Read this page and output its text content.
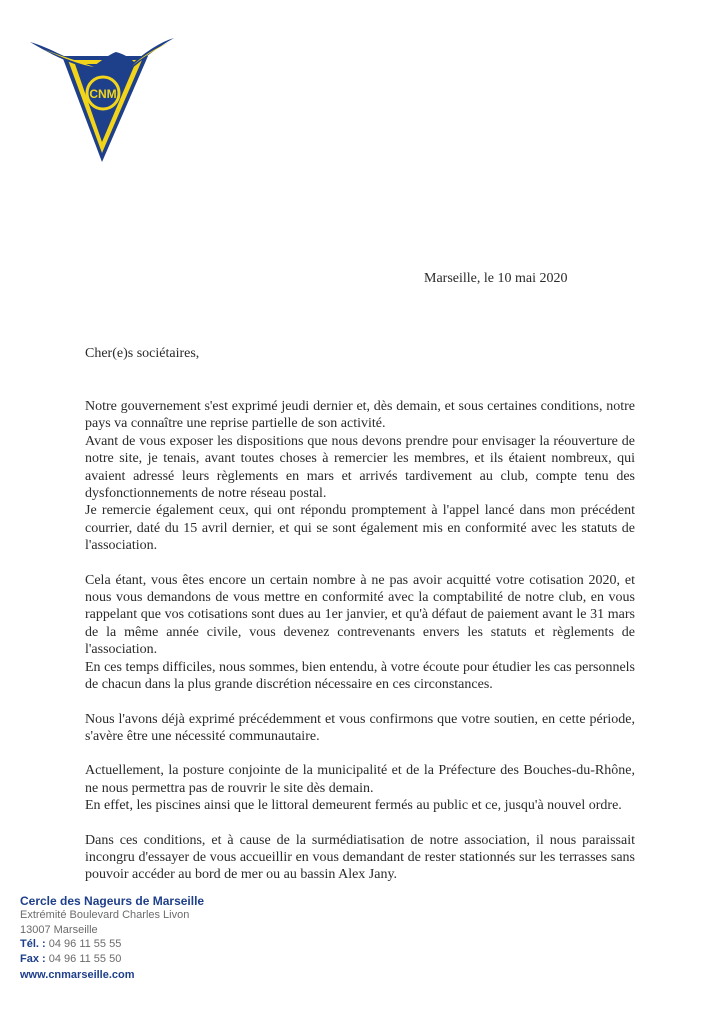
CNM
Marseille, le 10 mai 2020
Cher(e)s sociétaires,

Notre gouvernement s'est exprimé jeudi dernier et, dès demain, et sous certaines conditions, notre pays va connaître une reprise partielle de son activité.

Avant de vous exposer les dispositions que nous devons prendre pour envisager la réouverture de notre site, je tenais, avant toutes choses à remercier les membres, et ils étaient nombreux, qui avaient adressé leurs règlements en mars et arrivés tardivement au club, compte tenu des dysfonctionnements de notre réseau postal.

Je remercie également ceux, qui ont répondu promptement à l'appel lancé dans mon précédent courrier, daté du 15 avril dernier, et qui se sont également mis en conformité avec les statuts de l'association.

Cela étant, vous êtes encore un certain nombre à ne pas avoir acquitté votre cotisation 2020, et nous vous demandons de vous mettre en conformité avec la comptabilité de notre club, en vous rappelant que vos cotisations sont dues au 1er janvier, et qu'à défaut de paiement avant le 31 mars de la même année civile, vous devenez contrevenants envers les statuts et règlements de l'association.

En ces temps difficiles, nous sommes, bien entendu, à votre écoute pour étudier les cas personnels de chacun dans la plus grande discrétion nécessaire en ces circonstances.

Nous l'avons déjà exprimé précédemment et vous confirmons que votre soutien, en cette période, s'avère être une nécessité communautaire.

Actuellement, la posture conjointe de la municipalité et de la Préfecture des Bouches-du-Rhône, ne nous permettra pas de rouvrir le site dès demain.

En effet, les piscines ainsi que le littoral demeurent fermés au public et ce, jusqu'à nouvel ordre.

Dans ces conditions, et à cause de la surmédiatisation de notre association, il nous paraissait incongru d'essayer de vous accueillir en vous demandant de rester stationnés sur les terrasses sans pouvoir accéder au bord de mer ou au bassin Alex Jany.

Cercle des Nageurs de Marseille
Extrémité Boulevard Charles Livon
13007 Marseille
Tél. : 04 96 11 55 55
Fax : 04 96 11 55 50
www.cnmarseille.com
